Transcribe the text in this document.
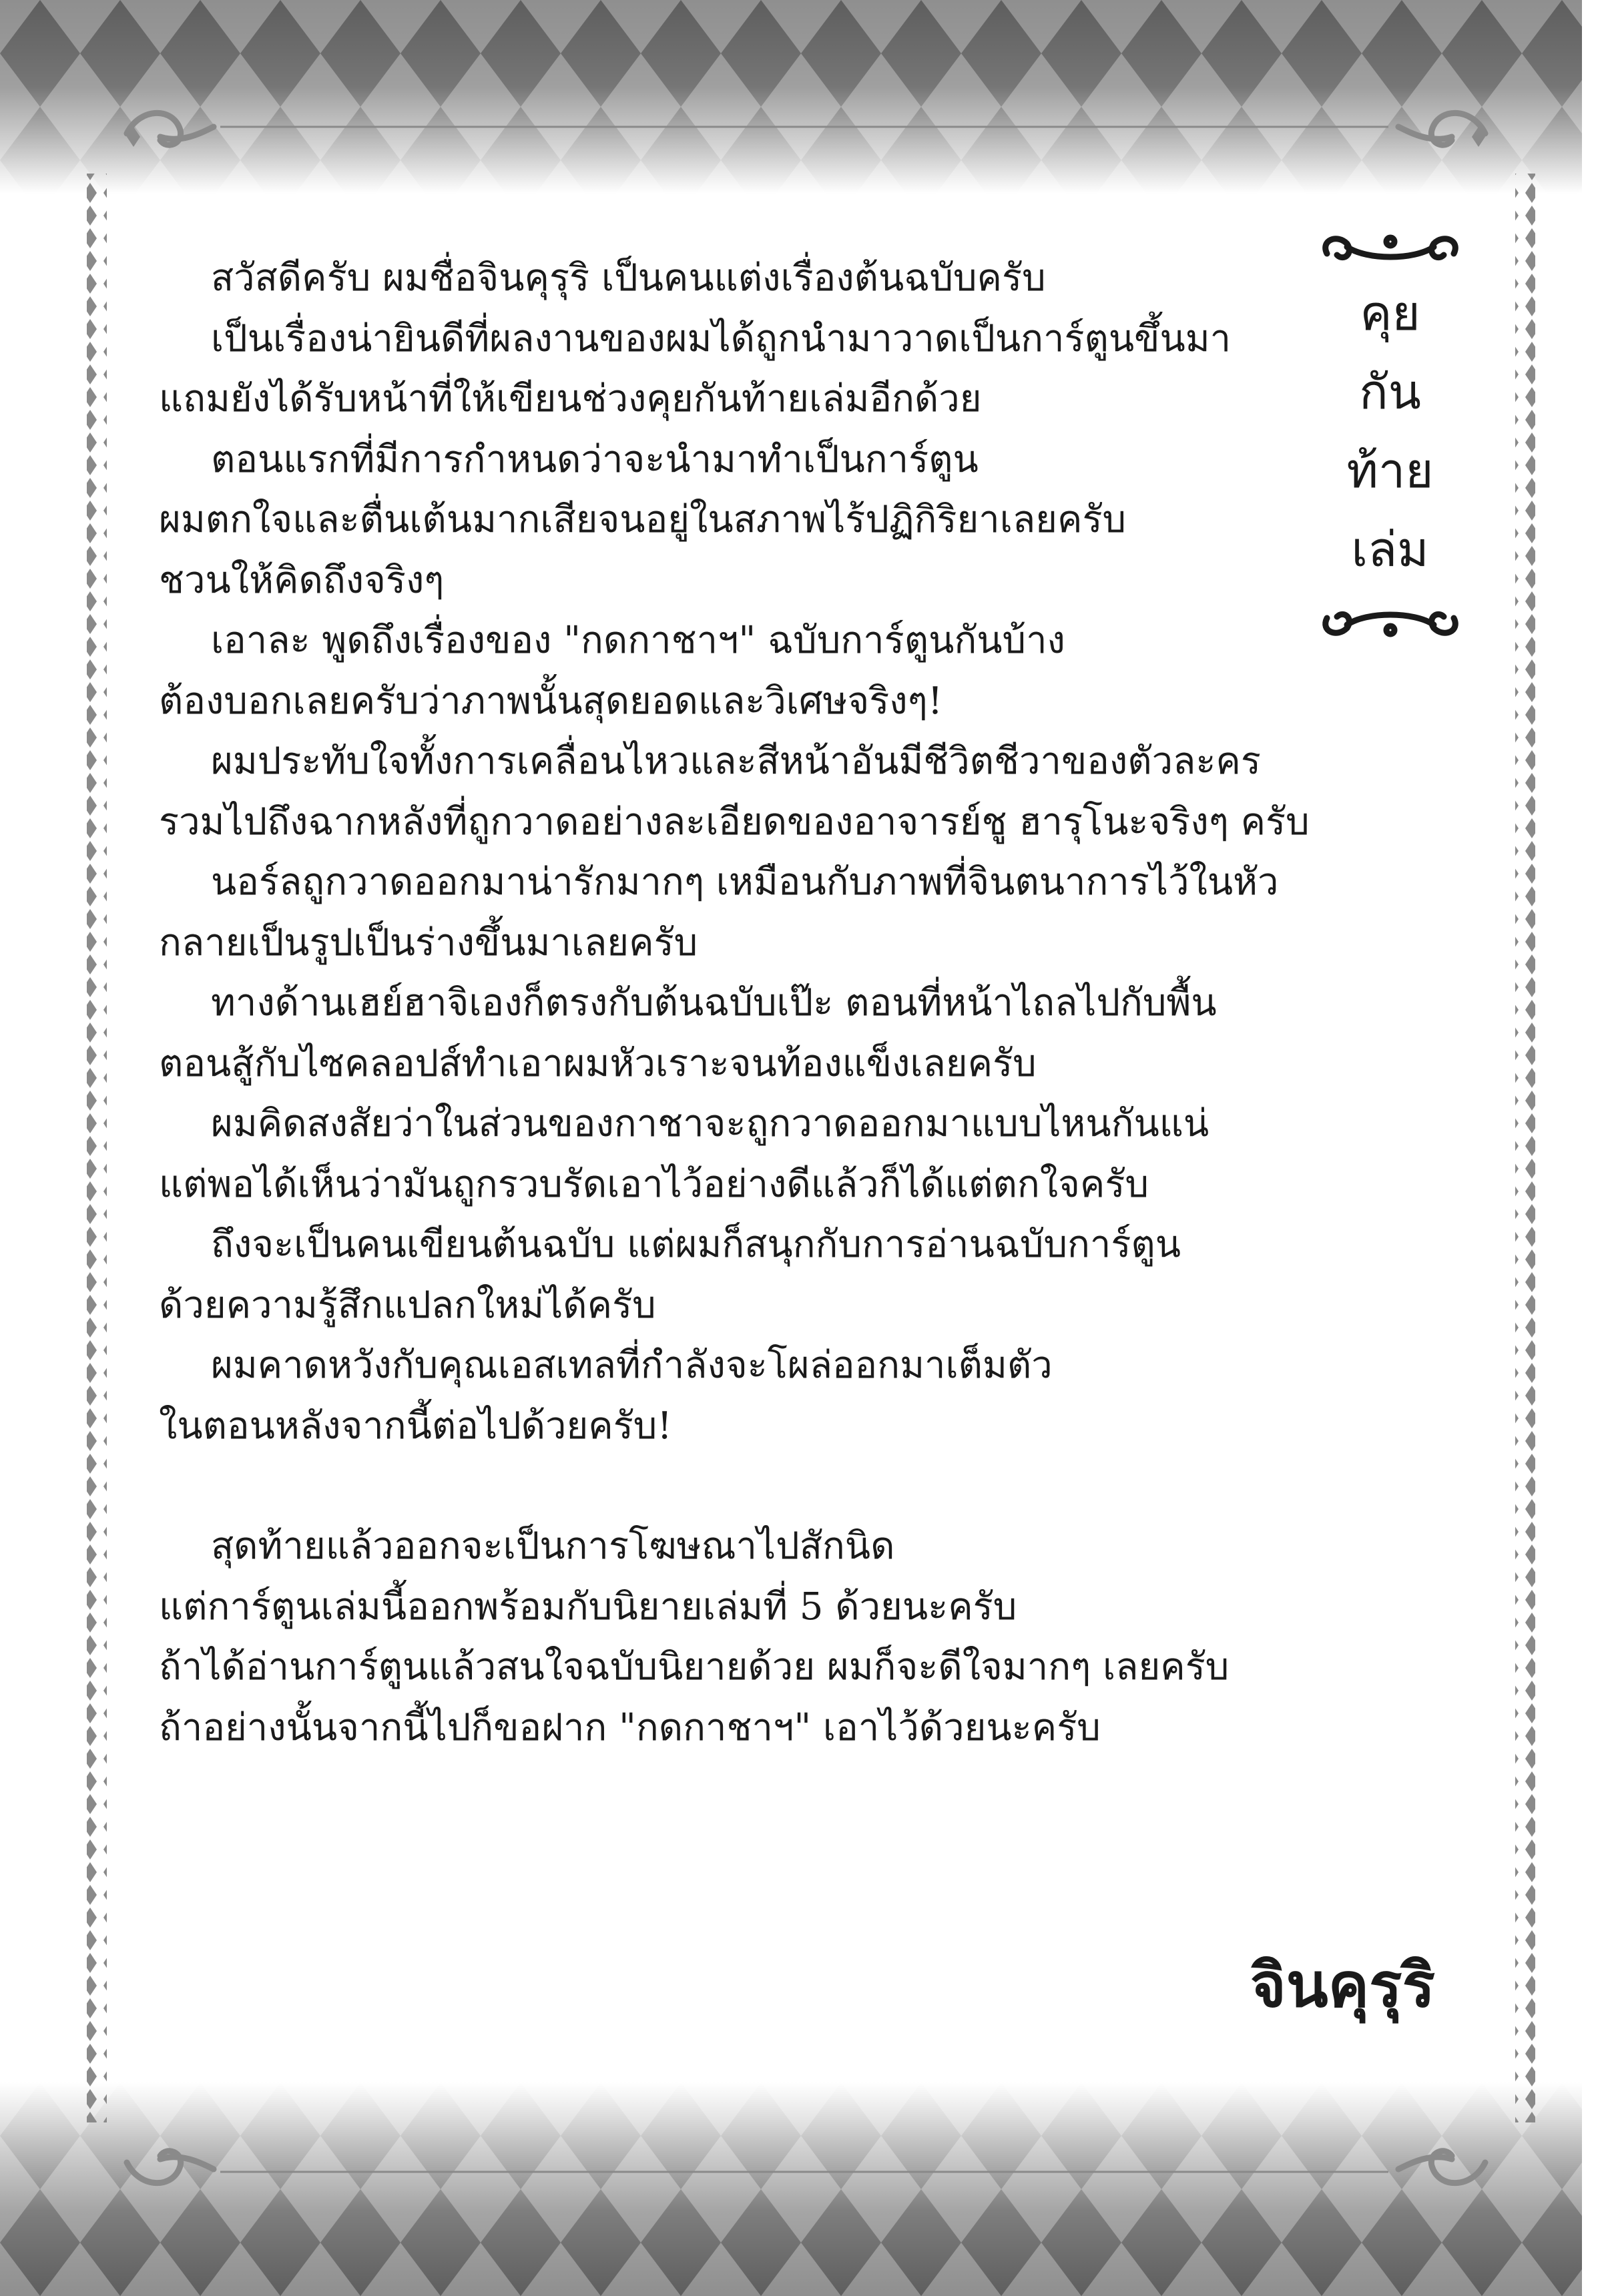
คุย
กัน
ท้าย
เล่ม
สวัสดีครับ ผมชื่อจินคุรุริ เป็นคนแต่งเรื่องต้นฉบับครับ
เป็นเรื่องน่ายินดีที่ผลงานของผมได้ถูกนำมาวาดเป็นการ์ตูนขึ้นมา
แถมยังได้รับหน้าที่ให้เขียนช่วงคุยกันท้ายเล่มอีกด้วย
ตอนแรกที่มีการกำหนดว่าจะนำมาทำเป็นการ์ตูน
ผมตกใจและตื่นเต้นมากเสียจนอยู่ในสภาพไร้ปฏิกิริยาเลยครับ
ชวนให้คิดถึงจริงๆ
เอาละ พูดถึงเรื่องของ "กดกาชาฯ" ฉบับการ์ตูนกันบ้าง
ต้องบอกเลยครับว่าภาพนั้นสุดยอดและวิเศษจริงๆ!
ผมประทับใจทั้งการเคลื่อนไหวและสีหน้าอันมีชีวิตชีวาของตัวละคร
รวมไปถึงฉากหลังที่ถูกวาดอย่างละเอียดของอาจารย์ชู ฮารุโนะจริงๆ ครับ
นอร์ลถูกวาดออกมาน่ารักมากๆ เหมือนกับภาพที่จินตนาการไว้ในหัว
กลายเป็นรูปเป็นร่างขึ้นมาเลยครับ
ทางด้านเฮย์ฮาจิเองก็ตรงกับต้นฉบับเป๊ะ ตอนที่หน้าไถลไปกับพื้น
ตอนสู้กับไซคลอปส์ทำเอาผมหัวเราะจนท้องแข็งเลยครับ
ผมคิดสงสัยว่าในส่วนของกาชาจะถูกวาดออกมาแบบไหนกันแน่
แต่พอได้เห็นว่ามันถูกรวบรัดเอาไว้อย่างดีแล้วก็ได้แต่ตกใจครับ
ถึงจะเป็นคนเขียนต้นฉบับ แต่ผมก็สนุกกับการอ่านฉบับการ์ตูน
ด้วยความรู้สึกแปลกใหม่ได้ครับ
ผมคาดหวังกับคุณเอสเทลที่กำลังจะโผล่ออกมาเต็มตัว
ในตอนหลังจากนี้ต่อไปด้วยครับ!
สุดท้ายแล้วออกจะเป็นการโฆษณาไปสักนิด
แต่การ์ตูนเล่มนี้ออกพร้อมกับนิยายเล่มที่ 5 ด้วยนะครับ
ถ้าได้อ่านการ์ตูนแล้วสนใจฉบับนิยายด้วย ผมก็จะดีใจมากๆ เลยครับ
ถ้าอย่างนั้นจากนี้ไปก็ขอฝาก "กดกาชาฯ" เอาไว้ด้วยนะครับ
จินคุรุริ
